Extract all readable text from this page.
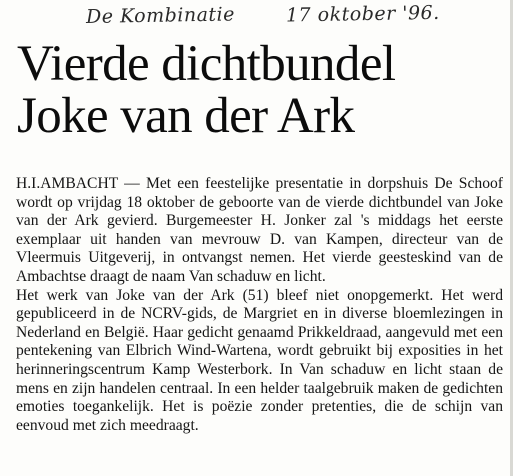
De Kombinatie	17 oktober '96.
Vierde dichtbundel
Joke van der Ark

H.I.AMBACHT — Met een feestelijke presentatie in dorpshuis De Schoof wordt op vrijdag 18 oktober de geboorte van de vierde dichtbundel van Joke van der Ark gevierd. Burgemeester H. Jonker zal 's middags het eerste exemplaar uit handen van mevrouw D. van Kampen, directeur van de Vleermuis Uitgeverij, in ontvangst nemen. Het vierde geesteskind van de Ambachtse draagt de naam Van schaduw en licht.

Het werk van Joke van der Ark (51) bleef niet onopgemerkt. Het werd gepubliceerd in de NCRV-gids, de Margriet en in diverse bloemlezingen in Nederland en België. Haar gedicht genaamd Prikkeldraad, aangevuld met een pentekening van Elbrich Wind-Wartena, wordt gebruikt bij exposities in het herinneringscentrum Kamp Westerbork. In Van schaduw en licht staan de mens en zijn handelen centraal. In een helder taalgebruik maken de gedichten emoties toegankelijk. Het is poëzie zonder pretenties, die de schijn van eenvoud met zich meedraagt.
